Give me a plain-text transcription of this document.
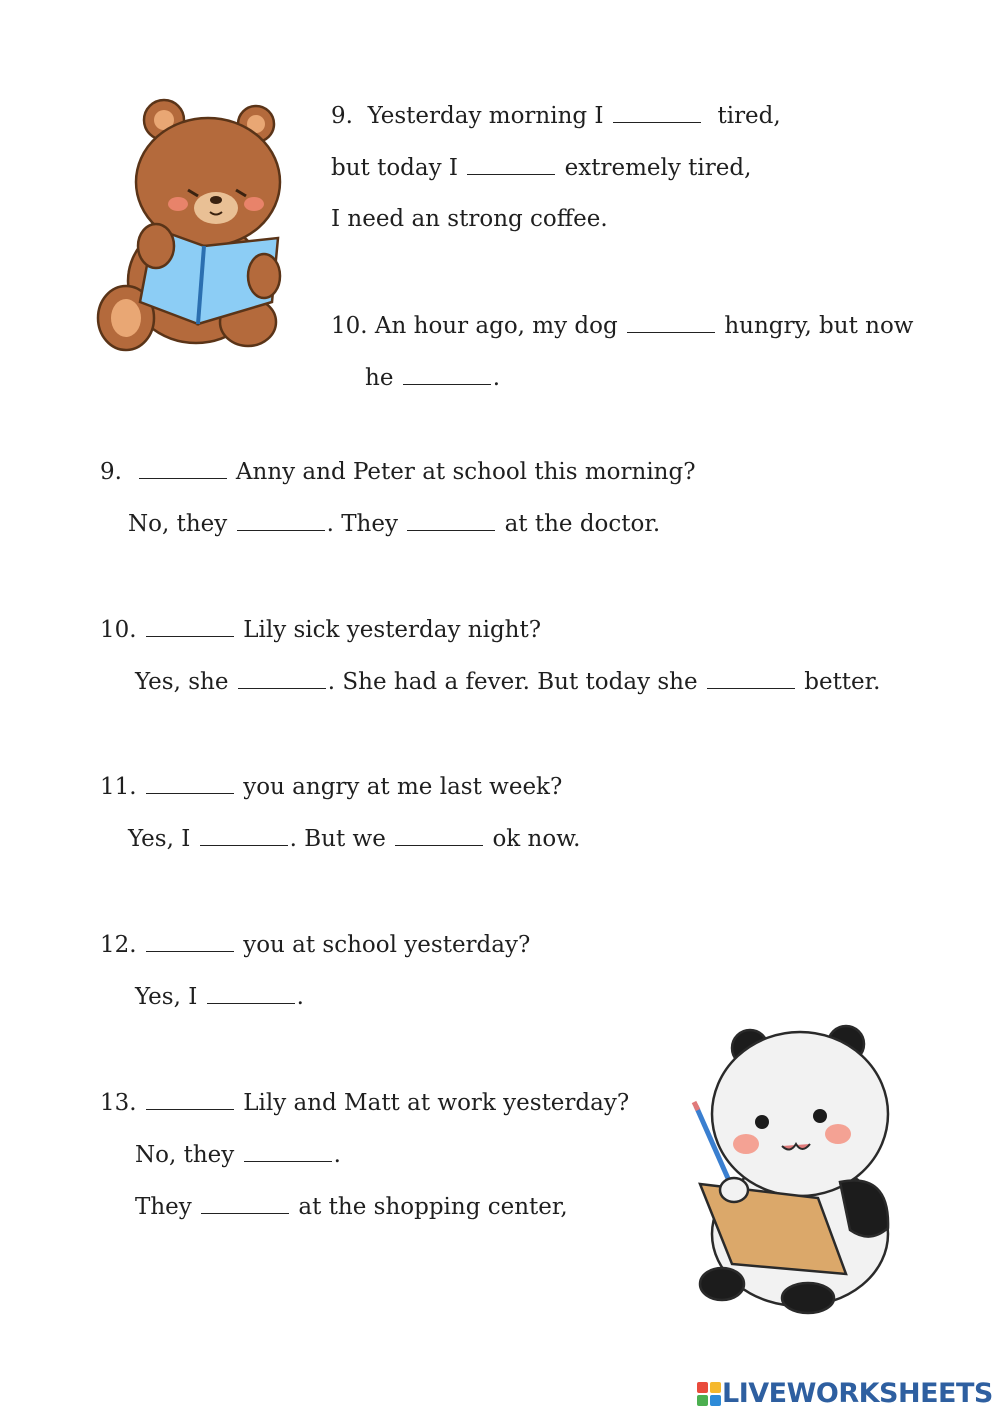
9. Yesterday morning I	tired,
but today I	extremely tired,
I need an strong coffee.
10. An hour ago, my dog	hungry, but now
he	.
9.	Anny and Peter at school this morning?
No, they	. They	at the doctor.
10.	Lily sick yesterday night?
Yes, she	. She had a fever. But today she	better.
11.	you angry at me last week?
Yes, I	. But we	ok now.
12.	you at school yesterday?
Yes, I	.
13.	Lily and Matt at work yesterday?
No, they	.
They	at the shopping center,
LIVEWORKSHEETS
